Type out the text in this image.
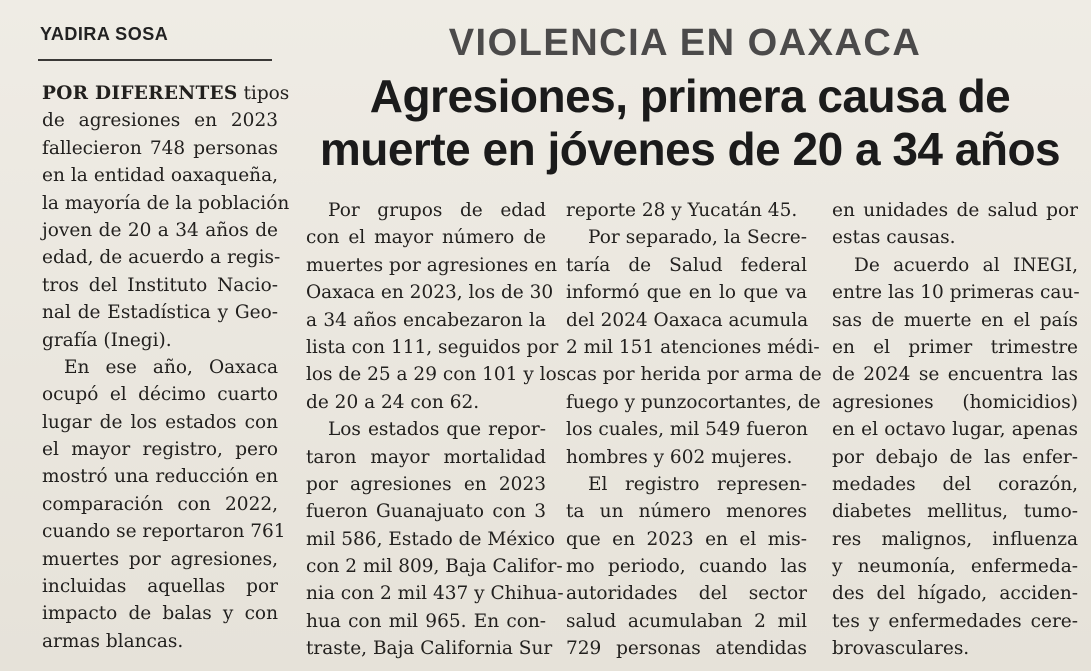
YADIRA SOSA	VIOLENCIA EN OAXACA
Agresiones, primera causa de
muerte en jóvenes de 20 a 34 años
POR DIFERENTES tipos
de agresiones en 2023
fallecieron 748 personas
en la entidad oaxaqueña,
la mayoría de la población
joven de 20 a 34 años de
edad, de acuerdo a regis-
tros del Instituto Nacio-
nal de Estadística y Geo-
grafía (Inegi).
En ese año, Oaxaca
ocupó el décimo cuarto
lugar de los estados con
el mayor registro, pero
mostró una reducción en
comparación con 2022,
cuando se reportaron 761
muertes por agresiones,
incluidas aquellas por
impacto de balas y con
armas blancas.
Por grupos de edad
con el mayor número de
muertes por agresiones en
Oaxaca en 2023, los de 30
a 34 años encabezaron la
lista con 111, seguidos por
los de 25 a 29 con 101 y los
de 20 a 24 con 62.
Los estados que repor-
taron mayor mortalidad
por agresiones en 2023
fueron Guanajuato con 3
mil 586, Estado de México
con 2 mil 809, Baja Califor-
nia con 2 mil 437 y Chihua-
hua con mil 965. En con-
traste, Baja California Sur
reporte 28 y Yucatán 45.
Por separado, la Secre-
taría de Salud federal
informó que en lo que va
del 2024 Oaxaca acumula
2 mil 151 atenciones médi-
cas por herida por arma de
fuego y punzocortantes, de
los cuales, mil 549 fueron
hombres y 602 mujeres.
El registro represen-
ta un número menores
que en 2023 en el mis-
mo periodo, cuando las
autoridades del sector
salud acumulaban 2 mil
729 personas atendidas
en unidades de salud por
estas causas.
De acuerdo al INEGI,
entre las 10 primeras cau-
sas de muerte en el país
en el primer trimestre
de 2024 se encuentra las
agresiones (homicidios)
en el octavo lugar, apenas
por debajo de las enfer-
medades del corazón,
diabetes mellitus, tumo-
res malignos, influenza
y neumonía, enfermeda-
des del hígado, acciden-
tes y enfermedades cere-
brovasculares.
